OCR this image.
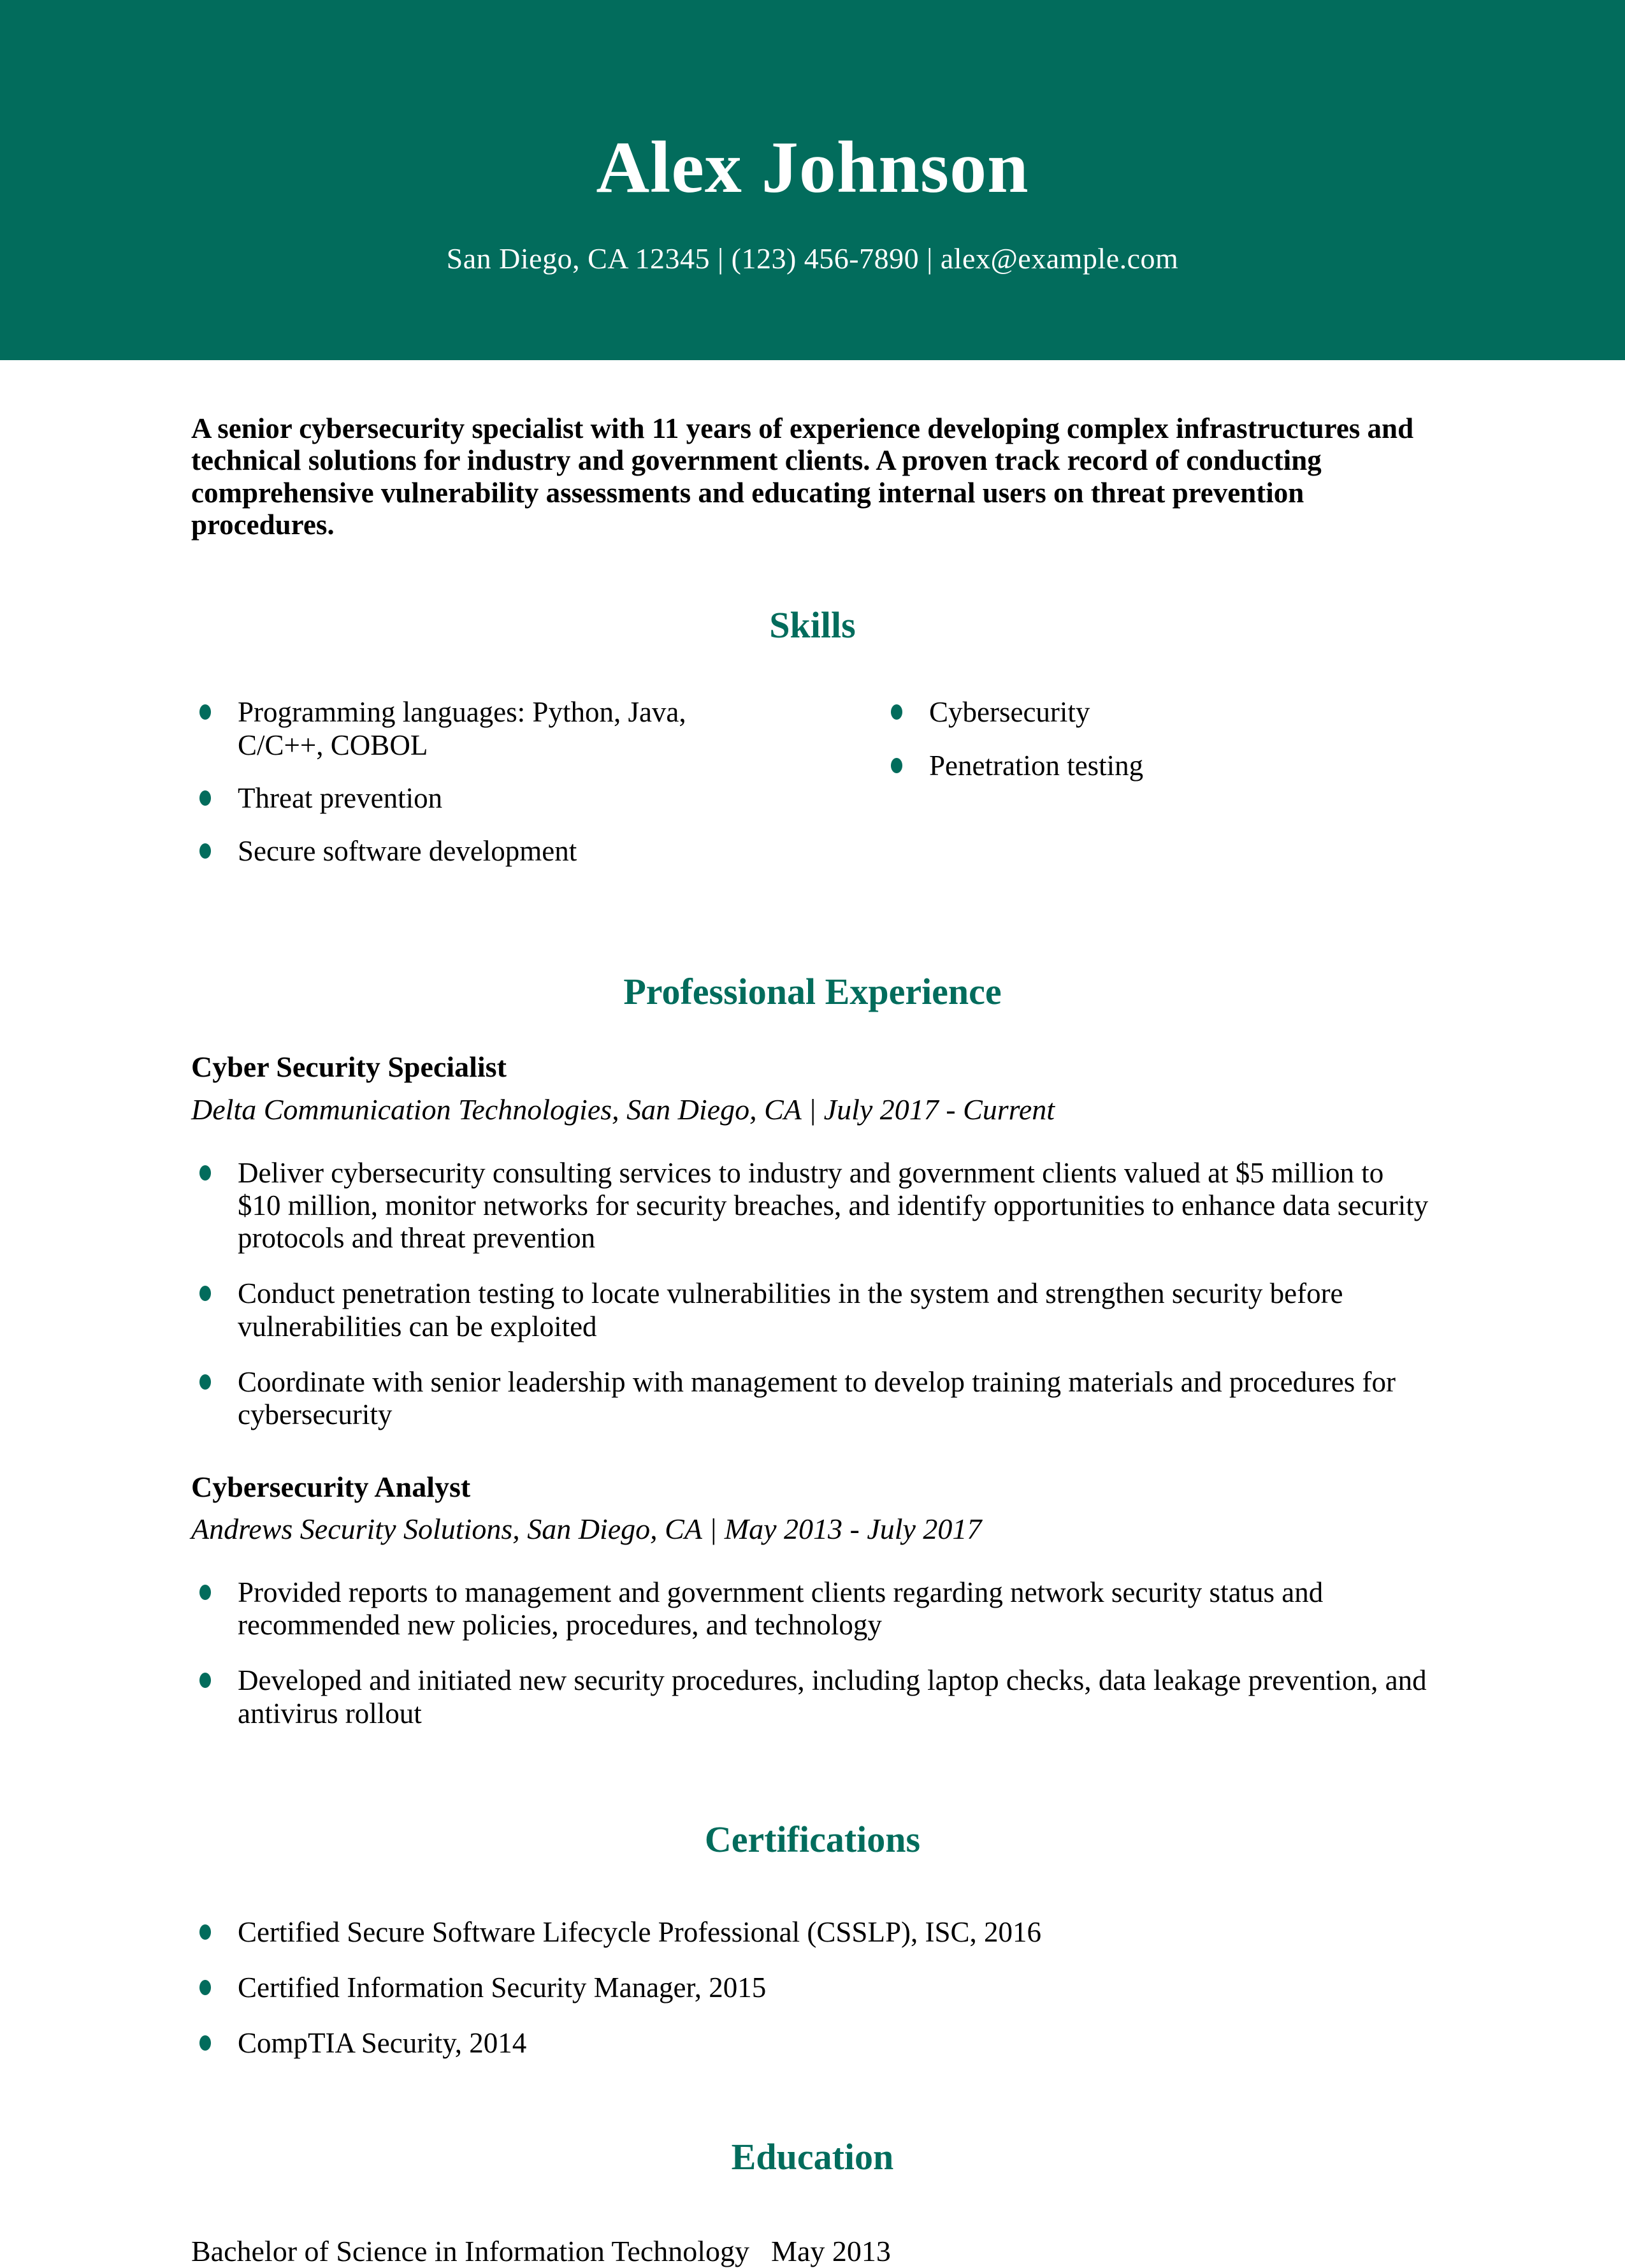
Alex Johnson
San Diego, CA 12345 | (123) 456-7890 | alex@example.com

A senior cybersecurity specialist with 11 years of experience developing complex infrastructures and technical solutions for industry and government clients. A proven track record of conducting comprehensive vulnerability assessments and educating internal users on threat prevention procedures.

Skills
Programming languages: Python, Java, C/C++, COBOL
Threat prevention
Secure software development
Cybersecurity
Penetration testing
Professional Experience
Cyber Security Specialist
Delta Communication Technologies, San Diego, CA | July 2017 - Current
Deliver cybersecurity consulting services to industry and government clients valued at $5 million to $10 million, monitor networks for security breaches, and identify opportunities to enhance data security protocols and threat prevention
Conduct penetration testing to locate vulnerabilities in the system and strengthen security before vulnerabilities can be exploited
Coordinate with senior leadership with management to develop training materials and procedures for cybersecurity
Cybersecurity Analyst
Andrews Security Solutions, San Diego, CA | May 2013 - July 2017
Provided reports to management and government clients regarding network security status and recommended new policies, procedures, and technology
Developed and initiated new security procedures, including laptop checks, data leakage prevention, and antivirus rollout
Certifications
Certified Secure Software Lifecycle Professional (CSSLP), ISC, 2016
Certified Information Security Manager, 2015
CompTIA Security, 2014
Education
Bachelor of Science in Information Technology May 2013
